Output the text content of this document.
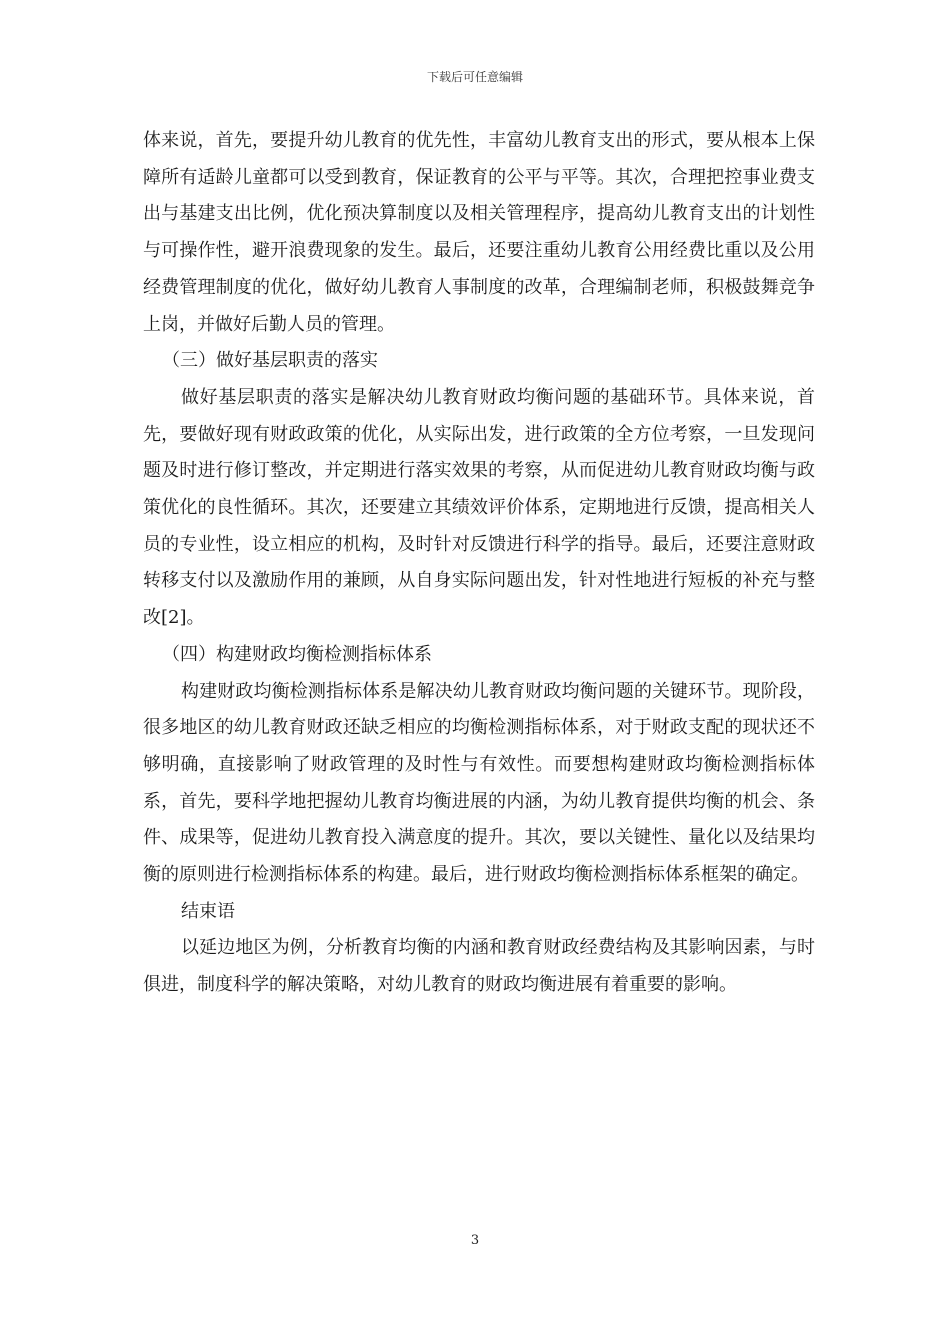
下载后可任意编辑

体来说，首先，要提升幼儿教育的优先性，丰富幼儿教育支出的形式，要从根本上保障所有适龄儿童都可以受到教育，保证教育的公平与平等。其次，合理把控事业费支出与基建支出比例，优化预决算制度以及相关管理程序，提高幼儿教育支出的计划性与可操作性，避开浪费现象的发生。最后，还要注重幼儿教育公用经费比重以及公用经费管理制度的优化，做好幼儿教育人事制度的改革，合理编制老师，积极鼓舞竞争上岗，并做好后勤人员的管理。

（三）做好基层职责的落实

做好基层职责的落实是解决幼儿教育财政均衡问题的基础环节。具体来说，首先，要做好现有财政政策的优化，从实际出发，进行政策的全方位考察，一旦发现问题及时进行修订整改，并定期进行落实效果的考察，从而促进幼儿教育财政均衡与政策优化的良性循环。其次，还要建立其绩效评价体系，定期地进行反馈，提高相关人员的专业性，设立相应的机构，及时针对反馈进行科学的指导。最后，还要注意财政转移支付以及激励作用的兼顾，从自身实际问题出发，针对性地进行短板的补充与整改[2]。

（四）构建财政均衡检测指标体系

构建财政均衡检测指标体系是解决幼儿教育财政均衡问题的关键环节。现阶段，很多地区的幼儿教育财政还缺乏相应的均衡检测指标体系，对于财政支配的现状还不够明确，直接影响了财政管理的及时性与有效性。而要想构建财政均衡检测指标体系，首先，要科学地把握幼儿教育均衡进展的内涵，为幼儿教育提供均衡的机会、条件、成果等，促进幼儿教育投入满意度的提升。其次，要以关键性、量化以及结果均衡的原则进行检测指标体系的构建。最后，进行财政均衡检测指标体系框架的确定。

结束语

以延边地区为例，分析教育均衡的内涵和教育财政经费结构及其影响因素，与时俱进，制度科学的解决策略，对幼儿教育的财政均衡进展有着重要的影响。

3
